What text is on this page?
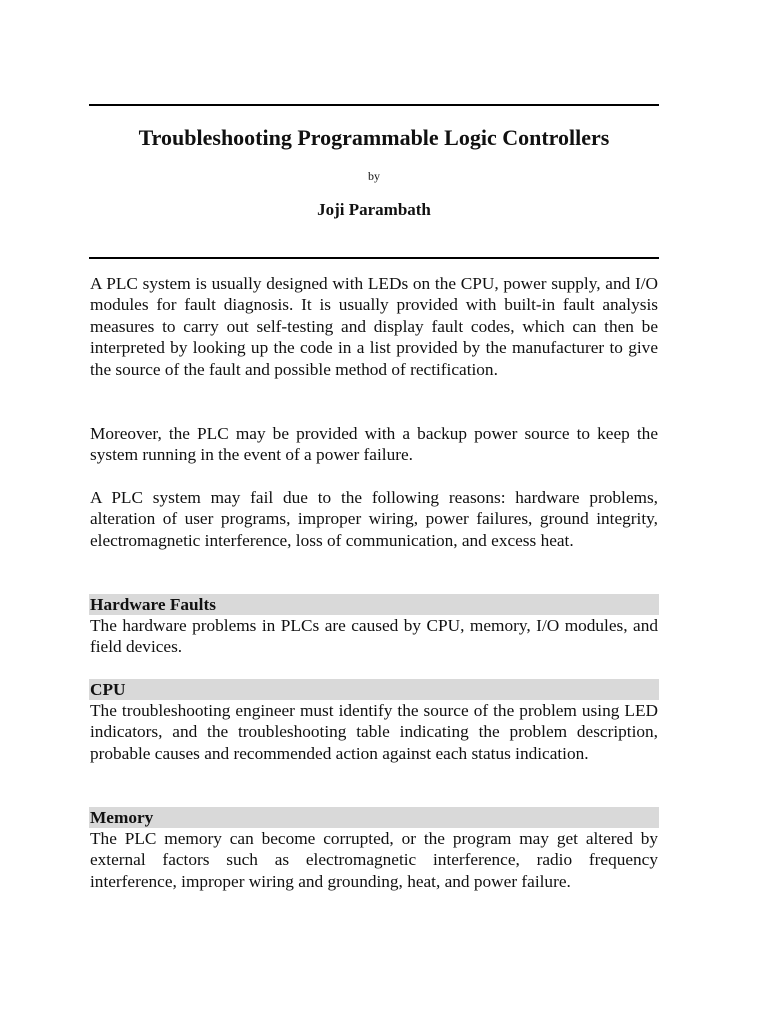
Troubleshooting Programmable Logic Controllers
by
Joji Parambath
A PLC system is usually designed with LEDs on the CPU, power supply, and I/O modules for fault diagnosis. It is usually provided with built-in fault analysis measures to carry out self-testing and display fault codes, which can then be interpreted by looking up the code in a list provided by the manufacturer to give the source of the fault and possible method of rectification.
Moreover, the PLC may be provided with a backup power source to keep the system running in the event of a power failure.
A PLC system may fail due to the following reasons: hardware problems, alteration of user programs, improper wiring, power failures, ground integrity, electromagnetic interference, loss of communication, and excess heat.
Hardware Faults
The hardware problems in PLCs are caused by CPU, memory, I/O modules, and field devices.
CPU
The troubleshooting engineer must identify the source of the problem using LED indicators, and the troubleshooting table indicating the problem description, probable causes and recommended action against each status indication.
Memory
The PLC memory can become corrupted, or the program may get altered by external factors such as electromagnetic interference, radio frequency interference, improper wiring and grounding, heat, and power failure.
